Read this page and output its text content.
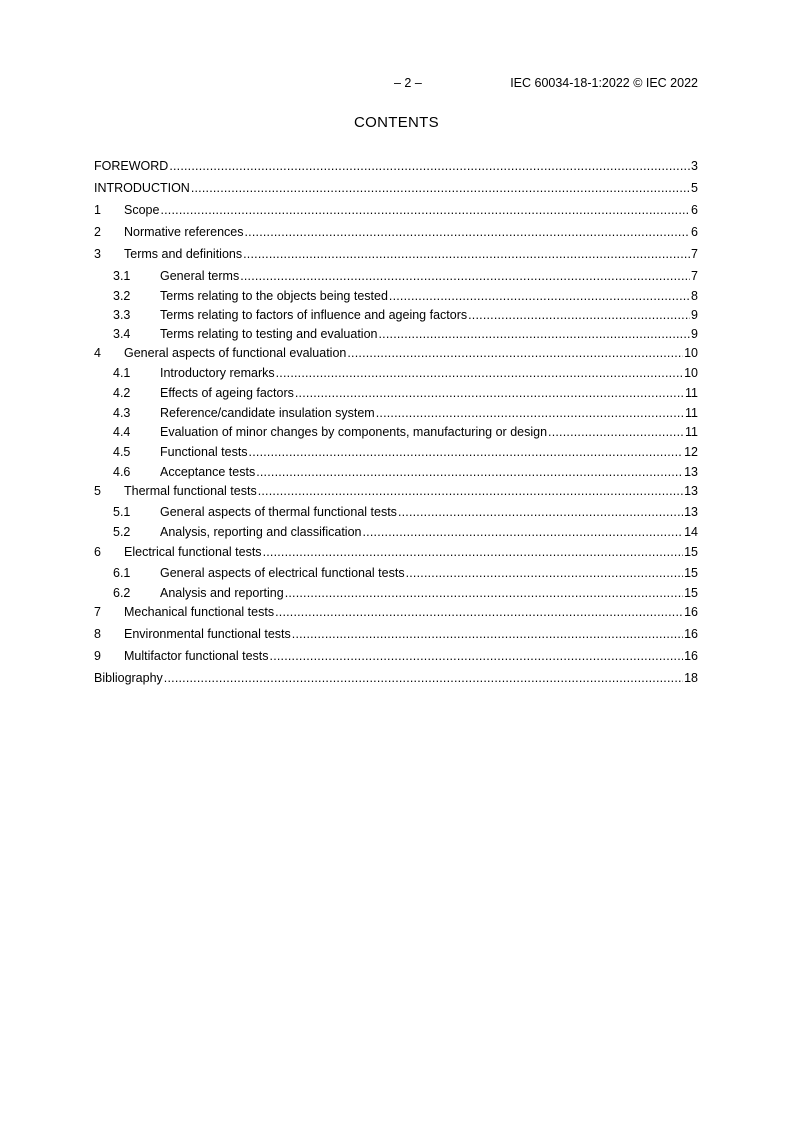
– 2 –	IEC 60034-18-1:2022 © IEC 2022
CONTENTS
FOREWORD .....	3
INTRODUCTION .....	5
1	Scope .....	6
2	Normative references .....	6
3	Terms and definitions .....	7
3.1	General terms .....	7
3.2	Terms relating to the objects being tested .....	8
3.3	Terms relating to factors of influence and ageing factors .....	9
3.4	Terms relating to testing and evaluation .....	9
4	General aspects of functional evaluation .....	10
4.1	Introductory remarks .....	10
4.2	Effects of ageing factors .....	11
4.3	Reference/candidate insulation system .....	11
4.4	Evaluation of minor changes by components, manufacturing or design .....	11
4.5	Functional tests .....	12
4.6	Acceptance tests .....	13
5	Thermal functional tests .....	13
5.1	General aspects of thermal functional tests .....	13
5.2	Analysis, reporting and classification .....	14
6	Electrical functional tests .....	15
6.1	General aspects of electrical functional tests .....	15
6.2	Analysis and reporting .....	15
7	Mechanical functional tests .....	16
8	Environmental functional tests .....	16
9	Multifactor functional tests .....	16
Bibliography .....	18
